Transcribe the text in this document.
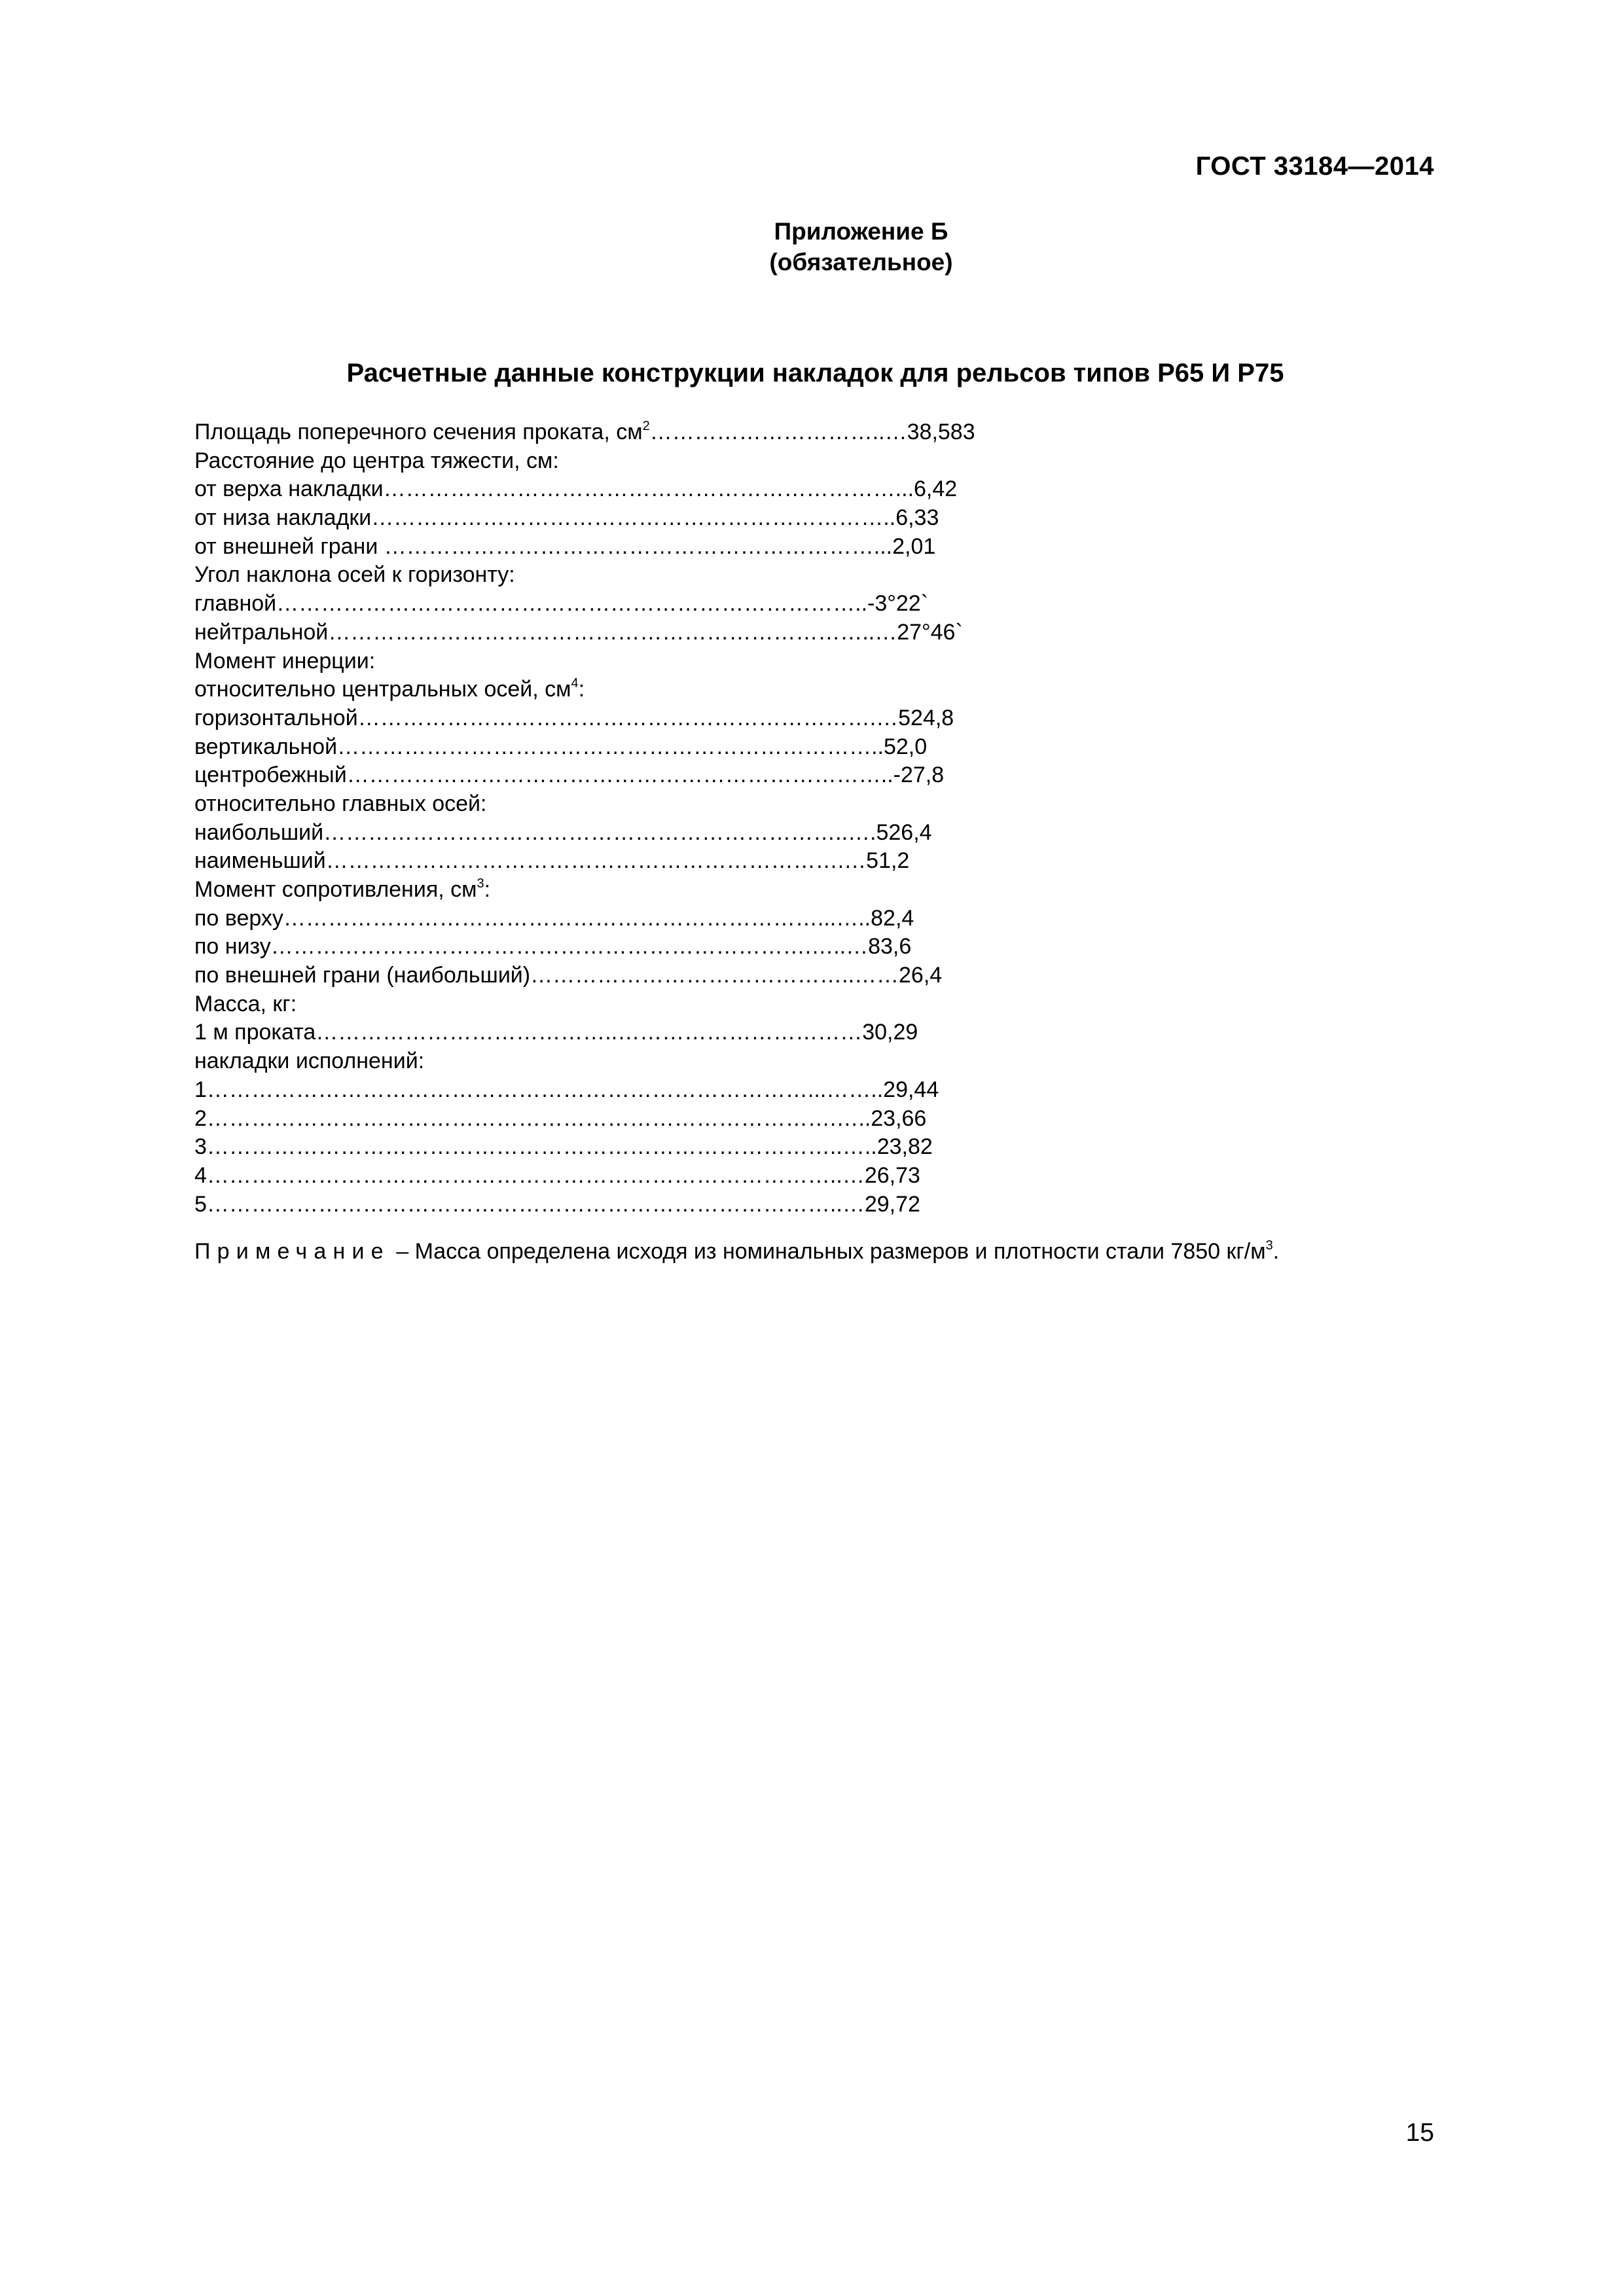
ГОСТ 33184—2014
Приложение Б
(обязательное)
Расчетные данные конструкции накладок для рельсов типов Р65 И Р75
Площадь поперечного сечения проката, $см^2\dots\dots\dots\dots\dots\dots\dots\dots\dots\dots..\dots 38,583$
Расстояние до центра тяжести, см:
от верха накладки……………………………………………………………...6,42
от низа накладки……………………………………………………………..6,33
от внешней грани …………………………………………………………...2,01
Угол наклона осей к горизонту:
главной……………………………………………………………………..-3°22`
нейтральной………………………………………………………………..…27°46`
Момент инерции:
относительно центральных осей, $см^4$:
горизонтальной…………………………………………………………….…524,8
вертикальной………………………………………………………………..52,0
центробежный………………………………………………………………..-27,8
относительно главных осей:
наибольший……………………………………………………………..….526,4
наименьший…………………………………………………………….…51,2
Момент сопротивления, $см^3$:
по верху………………………………………………………………...…..82,4
по низу……………………………………………………………….…..…83,6
по внешней грани (наибольший)……………………………………..……26,4
Масса, кг:
1 м проката…………………………………..……………………………30,29
накладки исполнений:
1………………………………………………………………………...……..29,44
2………………………………………………………………………….…..23,66
3…………………………………………………………………………..…..23,82
4…………………………………………………………………………..…26,73
5…………………………………………………………………………..…29,72
Примечание – Масса определена исходя из номинальных размеров и плотности стали 7850 $кг/м^3$.
15
